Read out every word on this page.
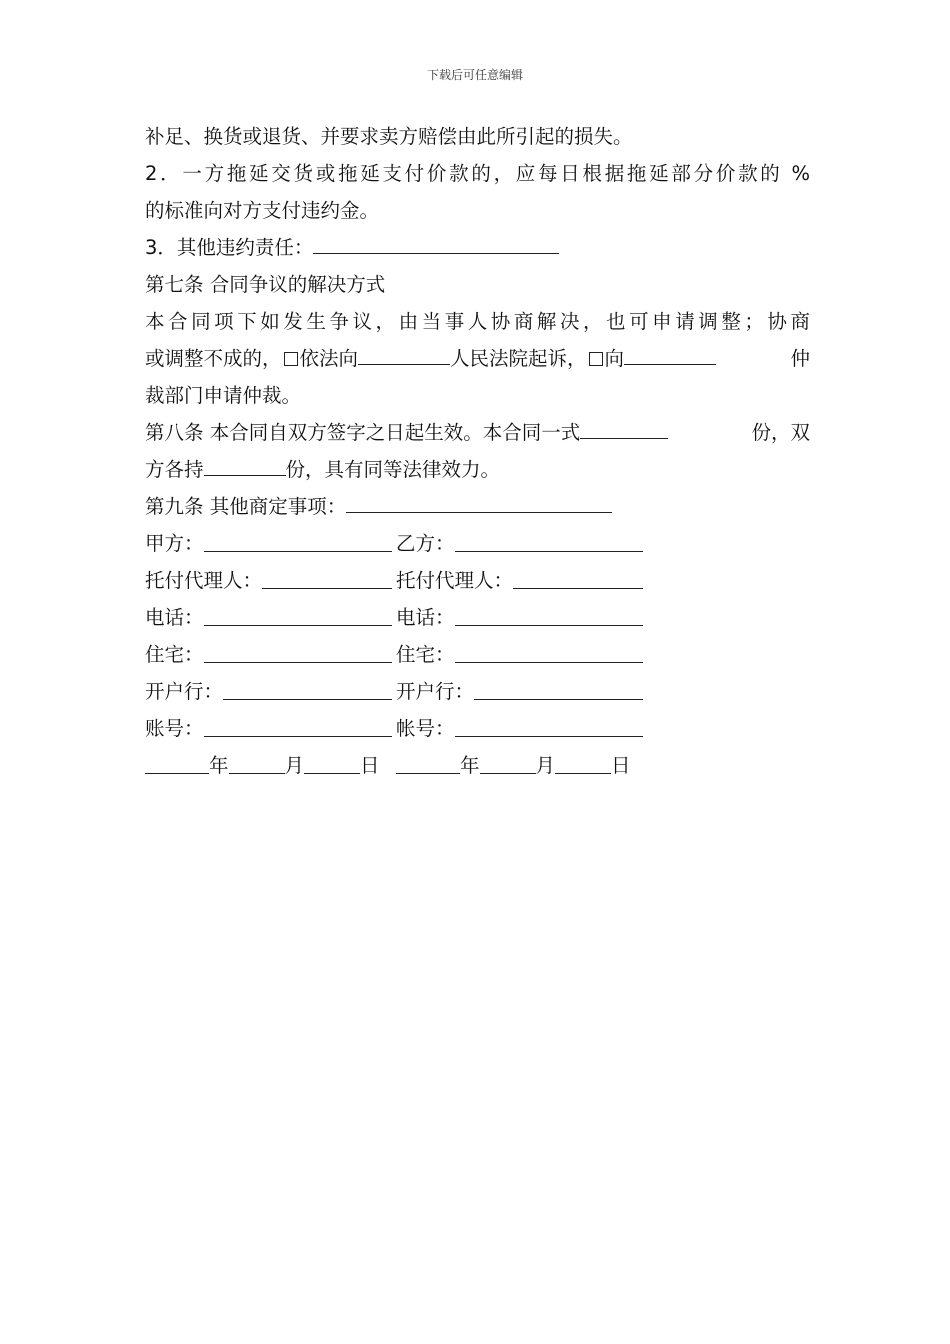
下载后可任意编辑
补足、换货或退货、并要求卖方赔偿由此所引起的损失。
2．一方拖延交货或拖延支付价款的，应每日根据拖延部分价款的 %
的标准向对方支付违约金。
3．其他违约责任：
第七条 合同争议的解决方式
本合同项下如发生争议，由当事人协商解决，也可申请调整；协商
或调整不成的， 依法向	人民法院起诉， 向	仲
裁部门申请仲裁。
第八条 本合同自双方签字之日起生效。本合同一式	份，双
方各持	份，具有同等法律效力。
第九条 其他商定事项：
甲方：	乙方：
托付代理人：	托付代理人：
电话：	电话：
住宅：	住宅：
开户行：	开户行：
账号：	帐号：
年	月	日	年	月	日
